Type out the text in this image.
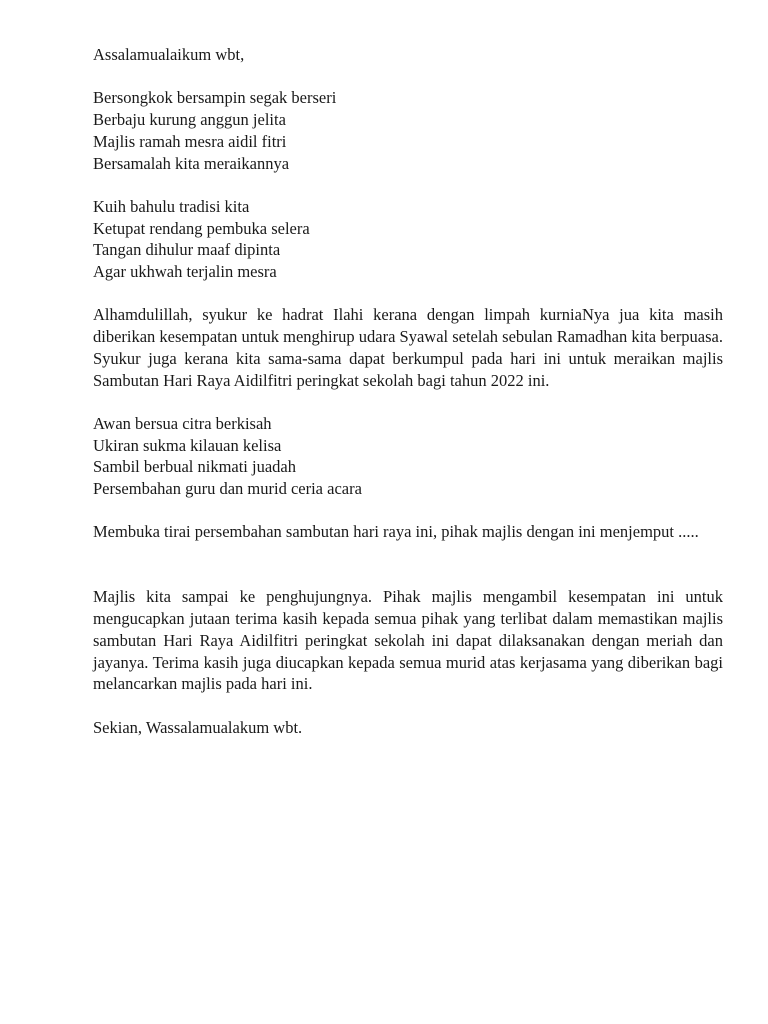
Assalamualaikum wbt,
Bersongkok bersampin segak berseri
Berbaju kurung anggun jelita
Majlis ramah mesra aidil fitri
Bersamalah kita meraikannya
Kuih bahulu tradisi kita
Ketupat rendang pembuka selera
Tangan dihulur maaf dipinta
Agar ukhwah terjalin mesra

Alhamdulillah, syukur ke hadrat Ilahi kerana dengan limpah kurniaNya jua kita masih diberikan kesempatan untuk menghirup udara Syawal setelah sebulan Ramadhan kita berpuasa. Syukur juga kerana kita sama-sama dapat berkumpul pada hari ini untuk meraikan majlis Sambutan Hari Raya Aidilfitri peringkat sekolah bagi tahun 2022 ini.

Awan bersua citra berkisah
Ukiran sukma kilauan kelisa
Sambil berbual nikmati juadah
Persembahan guru dan murid ceria acara

Membuka tirai persembahan sambutan hari raya ini, pihak majlis dengan ini menjemput .....

Majlis kita sampai ke penghujungnya. Pihak majlis mengambil kesempatan ini untuk mengucapkan jutaan terima kasih kepada semua pihak yang terlibat dalam memastikan majlis sambutan Hari Raya Aidilfitri peringkat sekolah ini dapat dilaksanakan dengan meriah dan jayanya. Terima kasih juga diucapkan kepada semua murid atas kerjasama yang diberikan bagi melancarkan majlis pada hari ini.

Sekian, Wassalamualakum wbt.
